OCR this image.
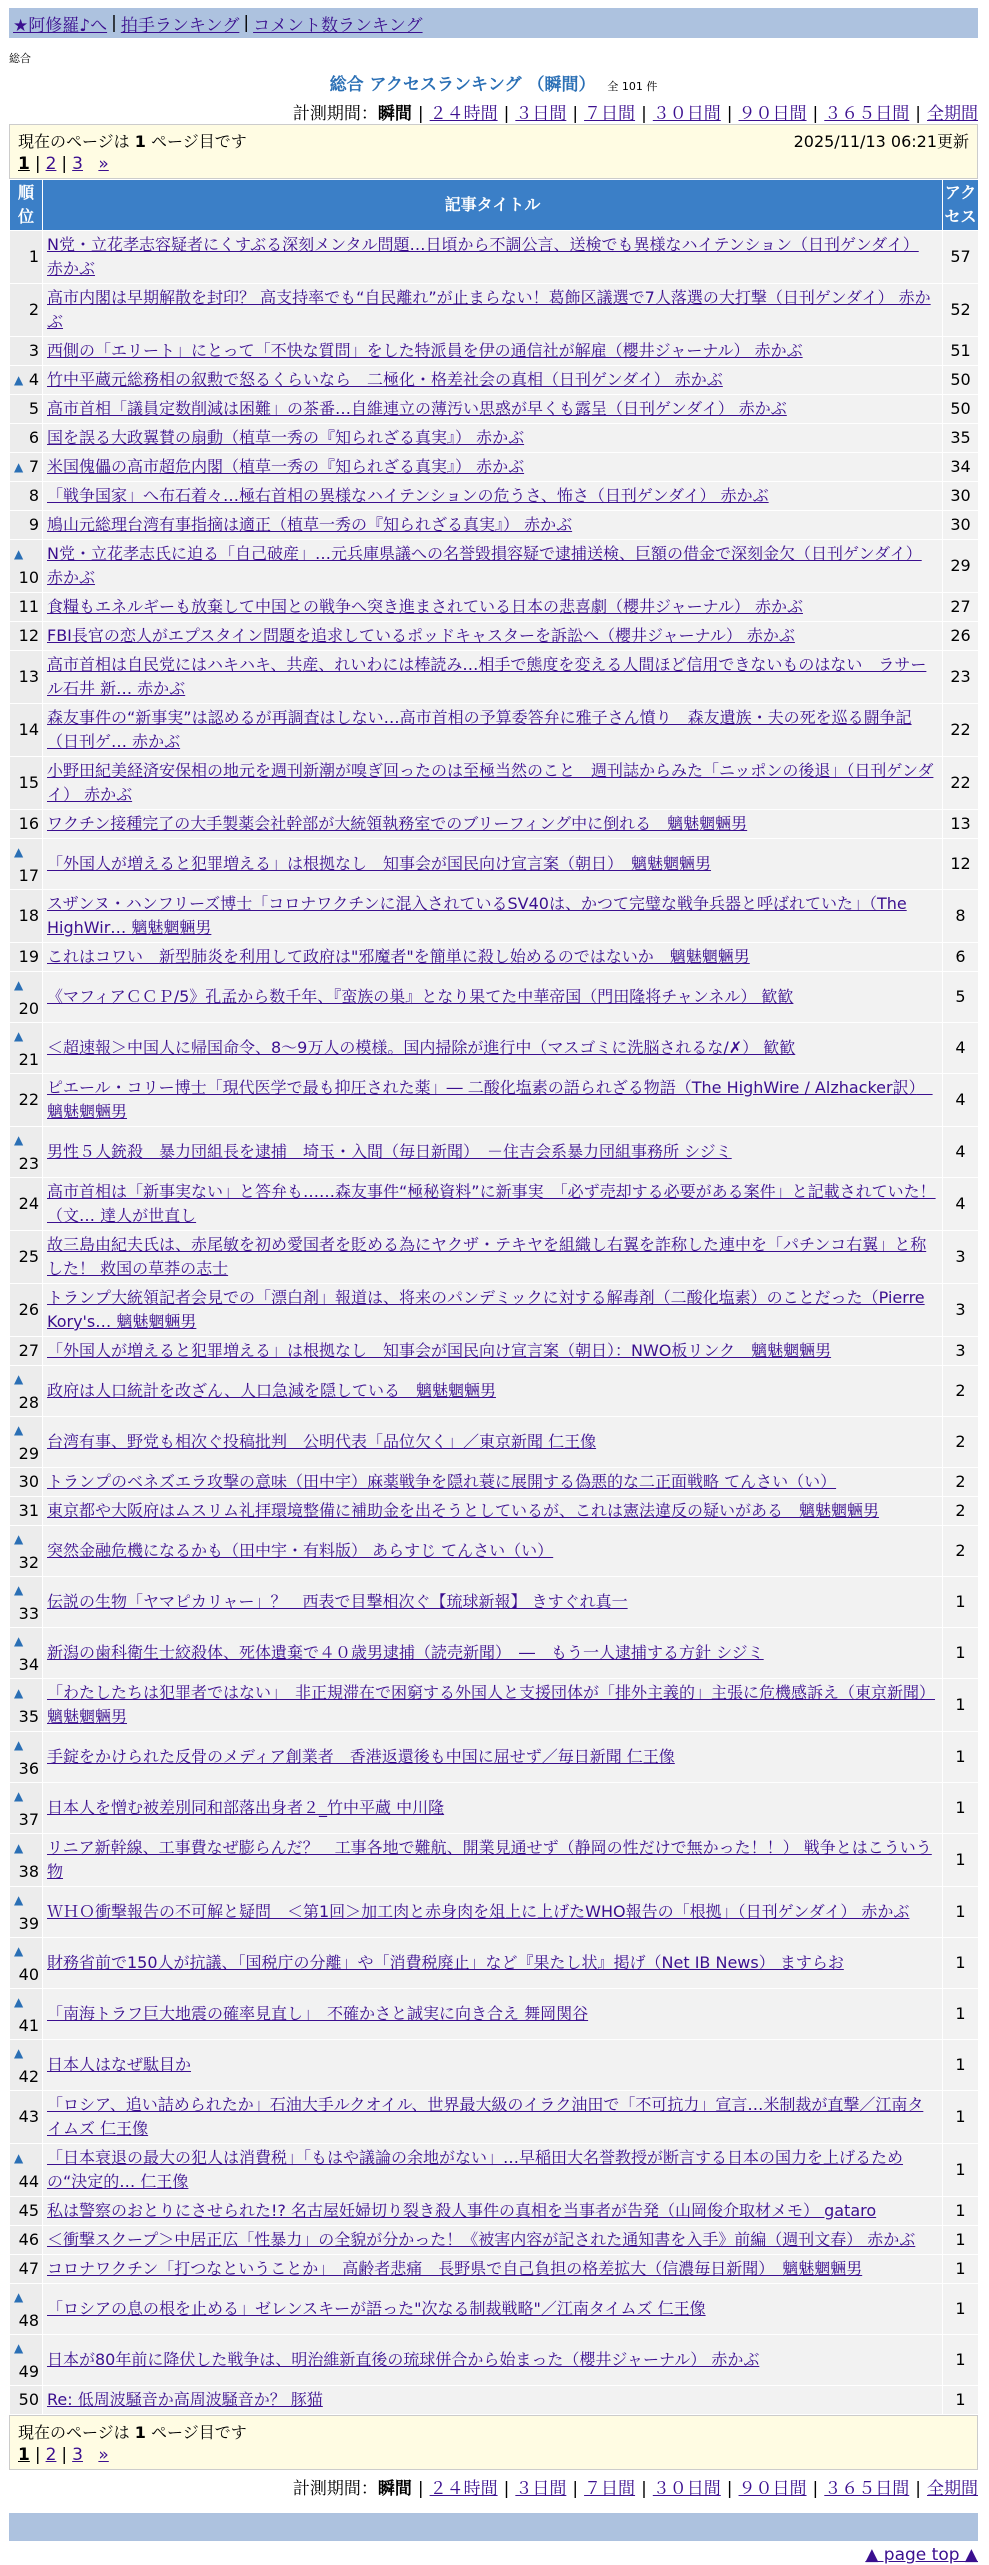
★阿修羅♪へ | 拍手ランキング | コメント数ランキング
総合
総合 アクセスランキング （瞬間） 全 101 件
計測期間：瞬間 | ２４時間 | ３日間 | ７日間 | ３０日間 | ９０日間 | ３６５日間 | 全期間
現在のページは 1 ページ目です	2025/11/13 06:21更新
1 | 2 | 3 »
順位	記事タイトル	アクセス
1	N党・立花孝志容疑者にくすぶる深刻メンタル問題…日頃から不調公言、送検でも異様なハイテンション（日刊ゲンダイ） 赤かぶ	57
2	高市内閣は早期解散を封印？ 高支持率でも“自民離れ”が止まらない！葛飾区議選で7人落選の大打撃（日刊ゲンダイ） 赤かぶ	52
3	西側の「エリート」にとって「不快な質問」をした特派員を伊の通信社が解雇（櫻井ジャーナル） 赤かぶ	51

▲ 4	竹中平蔵元総務相の叙勲で怒るくらいなら　二極化・格差社会の真相（日刊ゲンダイ） 赤かぶ	50
5	高市首相「議員定数削減は困難」の茶番…自維連立の薄汚い思惑が早くも露呈（日刊ゲンダイ） 赤かぶ	50
6	国を誤る大政翼賛の扇動（植草一秀の『知られざる真実』） 赤かぶ	35

▲ 7	米国傀儡の高市超危内閣（植草一秀の『知られざる真実』） 赤かぶ	34
8	「戦争国家」へ布石着々…極右首相の異様なハイテンションの危うさ、怖さ（日刊ゲンダイ） 赤かぶ	30
9	鳩山元総理台湾有事指摘は適正（植草一秀の『知られざる真実』） 赤かぶ	30

▲
10	N党・立花孝志氏に迫る「自己破産」…元兵庫県議への名誉毀損容疑で逮捕送検、巨額の借金で深刻金欠（日刊ゲンダイ） 赤かぶ	29
11	食糧もエネルギーも放棄して中国との戦争へ突き進まされている日本の悲喜劇（櫻井ジャーナル） 赤かぶ	27
12	FBI長官の恋人がエプスタイン問題を追求しているポッドキャスターを訴訟へ（櫻井ジャーナル） 赤かぶ	26
13	高市首相は自民党にはハキハキ、共産、れいわには棒読み…相手で態度を変える人間ほど信用できないものはない　ラサール石井 新… 赤かぶ	23
14	森友事件の“新事実”は認めるが再調査はしない…高市首相の予算委答弁に雅子さん憤り　森友遺族・夫の死を巡る闘争記（日刊ゲ… 赤かぶ	22
15	小野田紀美経済安保相の地元を週刊新潮が嗅ぎ回ったのは至極当然のこと　週刊誌からみた「ニッポンの後退」（日刊ゲンダイ） 赤かぶ	22
16	ワクチン接種完了の大手製薬会社幹部が大統領執務室でのブリーフィング中に倒れる　魑魅魍魎男	13

▲
17	「外国人が増えると犯罪増える」は根拠なし　知事会が国民向け宣言案（朝日）　魑魅魍魎男	12
18	スザンヌ・ハンフリーズ博士「コロナワクチンに混入されているSV40は、かつて完璧な戦争兵器と呼ばれていた」（The HighWir… 魑魅魍魎男	8
19	これはコワい　新型肺炎を利用して政府は"邪魔者"を簡単に殺し始めるのではないか　魑魅魍魎男	6

▲
20	《マフィアＣＣＰ/5》孔孟から数千年、『蛮族の巣』となり果てた中華帝国（門田隆将チャンネル） 歓歓	5

▲
21	＜超速報＞中国人に帰国命令、8～9万人の模様。国内掃除が進行中（マスゴミに洗脳されるな/✗） 歓歓	4
22	ピエール・コリー博士「現代医学で最も抑圧された薬」― 二酸化塩素の語られざる物語（The HighWire / Alzhacker訳）　魑魅魍魎男	4

▲
23	男性５人銃殺　暴力団組長を逮捕　埼玉・入間（毎日新聞）　－住吉会系暴力団組事務所 シジミ	4
24	高市首相は「新事実ない」と答弁も……森友事件“極秘資料”に新事実　「必ず売却する必要がある案件」と記載されていた！（文… 達人が世直し	4
25	故三島由紀夫氏は、赤尾敏を初め愛国者を貶める為にヤクザ・テキヤを組織し右翼を詐称した連中を「パチンコ右翼」と称した！ 救国の草莽の志士	3
26	トランプ大統領記者会見での「漂白剤」報道は、将来のパンデミックに対する解毒剤（二酸化塩素）のことだった（Pierre Kory's… 魑魅魍魎男	3
27	「外国人が増えると犯罪増える」は根拠なし　知事会が国民向け宣言案（朝日）：NWO板リンク　魑魅魍魎男	3

▲
28	政府は人口統計を改ざん、人口急減を隠している　魑魅魍魎男	2

▲
29	台湾有事、野党も相次ぐ投稿批判　公明代表「品位欠く」／東京新聞 仁王像	2
30	トランプのベネズエラ攻撃の意味（田中宇）麻薬戦争を隠れ蓑に展開する偽悪的な二正面戦略 てんさい（い）	2
31	東京都や大阪府はムスリム礼拝環境整備に補助金を出そうとしているが、これは憲法違反の疑いがある　魑魅魍魎男	2

▲
32	突然金融危機になるかも（田中宇・有料版） あらすじ てんさい（い）	2

▲
33	伝説の生物「ヤマピカリャー」？　西表で目撃相次ぐ【琉球新報】 きすぐれ真一	1

▲
34	新潟の歯科衛生士絞殺体、死体遺棄で４０歳男逮捕（読売新聞）　―　もう一人逮捕する方針 シジミ	1

▲
35	「わたしたちは犯罪者ではない」　非正規滞在で困窮する外国人と支援団体が「排外主義的」主張に危機感訴え（東京新聞） 魑魅魍魎男	1

▲
36	手錠をかけられた反骨のメディア創業者　香港返還後も中国に屈せず／毎日新聞 仁王像	1

▲
37	日本人を憎む被差別同和部落出身者２_竹中平蔵 中川隆	1

▲
38	リニア新幹線、工事費なぜ膨らんだ？　工事各地で難航、開業見通せず（静岡の性だけで無かった！！） 戦争とはこういう物	1

▲
39	ＷＨＯ衝撃報告の不可解と疑問　＜第1回＞加工肉と赤身肉を俎上に上げたWHO報告の「根拠」（日刊ゲンダイ） 赤かぶ	1

▲
40	財務省前で150人が抗議、「国税庁の分離」や「消費税廃止」など『果たし状』掲げ（Net IB News） ますらお	1

▲
41	「南海トラフ巨大地震の確率見直し」　不確かさと誠実に向き合え 舞岡関谷	1

▲
42	日本人はなぜ駄目か	1
43	「ロシア、追い詰められたか」石油大手ルクオイル、世界最大級のイラク油田で「不可抗力」宣言…米制裁が直撃／江南タイムズ 仁王像	1

▲
44	「日本衰退の最大の犯人は消費税」「もはや議論の余地がない」…早稲田大名誉教授が断言する日本の国力を上げるための“決定的… 仁王像	1
45	私は警察のおとりにさせられた!? 名古屋妊婦切り裂き殺人事件の真相を当事者が告発（山岡俊介取材メモ） gataro	1
46	＜衝撃スクープ＞中居正広「性暴力」の全貌が分かった！《被害内容が記された通知書を入手》前編（週刊文春） 赤かぶ	1
47	コロナワクチン「打つなということか」　高齢者悲痛　長野県で自己負担の格差拡大（信濃毎日新聞）　魑魅魍魎男	1

▲
48	「ロシアの息の根を止める」ゼレンスキーが語った"次なる制裁戦略"／江南タイムズ 仁王像	1

▲
49	日本が80年前に降伏した戦争は、明治維新直後の琉球併合から始まった（櫻井ジャーナル） 赤かぶ	1
50	Re: 低周波騒音か高周波騒音か？ 豚猫	1
現在のページは 1 ページ目です
1 | 2 | 3 »
計測期間：瞬間 | ２４時間 | ３日間 | ７日間 | ３０日間 | ９０日間 | ３６５日間 | 全期間
▲ page top ▲
